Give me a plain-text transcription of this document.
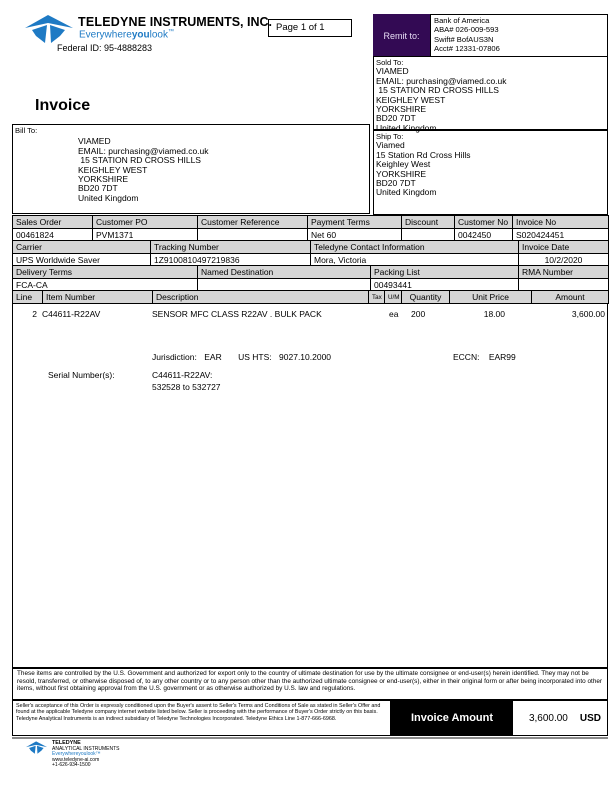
TELEDYNE INSTRUMENTS, INC.
Everywhereyoulook™
Federal ID: 95-4888283
Page 1 of 1
Invoice
Remit to:
Bank of America
ABA# 026-009-593
Swift# BofAUS3N
Acct# 12331-07806
Sold To:
VIAMED
EMAIL: purchasing@viamed.co.uk
15 STATION RD CROSS HILLS
KEIGHLEY WEST
YORKSHIRE
BD20 7DT
United Kingdom
Ship To:
Viamed
15 Station Rd Cross Hills
Keighley West
YORKSHIRE
BD20 7DT
United Kingdom
Bill To:
VIAMED
EMAIL: purchasing@viamed.co.uk
15 STATION RD CROSS HILLS
KEIGHLEY WEST
YORKSHIRE
BD20 7DT
United Kingdom
Sales Order	Customer PO	Customer Reference	Payment Terms	Discount	Customer No	Invoice No
00461824	PVM1371		Net 60		0042450	S020424451
Carrier	Tracking Number	Teledyne Contact Information	Invoice Date
UPS Worldwide Saver	1Z9100810497219836	Mora, Victoria	10/2/2020
Delivery Terms	Named Destination	Packing List	RMA Number
FCA-CA		00493441	
Line	Item Number	Description	Tax	U/M	Quantity	Unit Price	Amount
2 C44611-R22AV	SENSOR MFC CLASS R22AV . BULK PACK	ea 200	18.00	3,600.00
Jurisdiction: EAR US HTS: 9027.10.2000	ECCN: EAR99
Serial Number(s):	C44611-R22AV:
532528 to 532727
These items are controlled by the U.S. Government and authorized for export only to the country of ultimate destination for use by the ultimate consignee or end-user(s) herein identified. They may not be resold, transferred, or otherwise disposed of, to any other country or to any person other than the authorized ultimate consignee or end-user(s), either in their original form or after being incorporated into other items, without first obtaining approval from the U.S. government or as otherwise authorized by U.S. law and regulations.
Seller's acceptance of this Order is expressly conditioned upon the Buyer's assent to Seller's Terms and Conditions of Sale as stated in Seller's Offer and found at the applicable Teledyne company internet website listed below. Seller is proceeding with the performance of Buyer's Order strictly on this basis. Teledyne Analytical Instruments is an indirect subsidiary of Teledyne Technologies Incorporated. Teledyne Ethics Line 1-877-666-6968.	Invoice Amount	3,600.00 USD
TELEDYNE
ANALYTICAL INSTRUMENTS
Everywhereyoulook™
www.teledyne-ai.com
+1-626-934-1500
